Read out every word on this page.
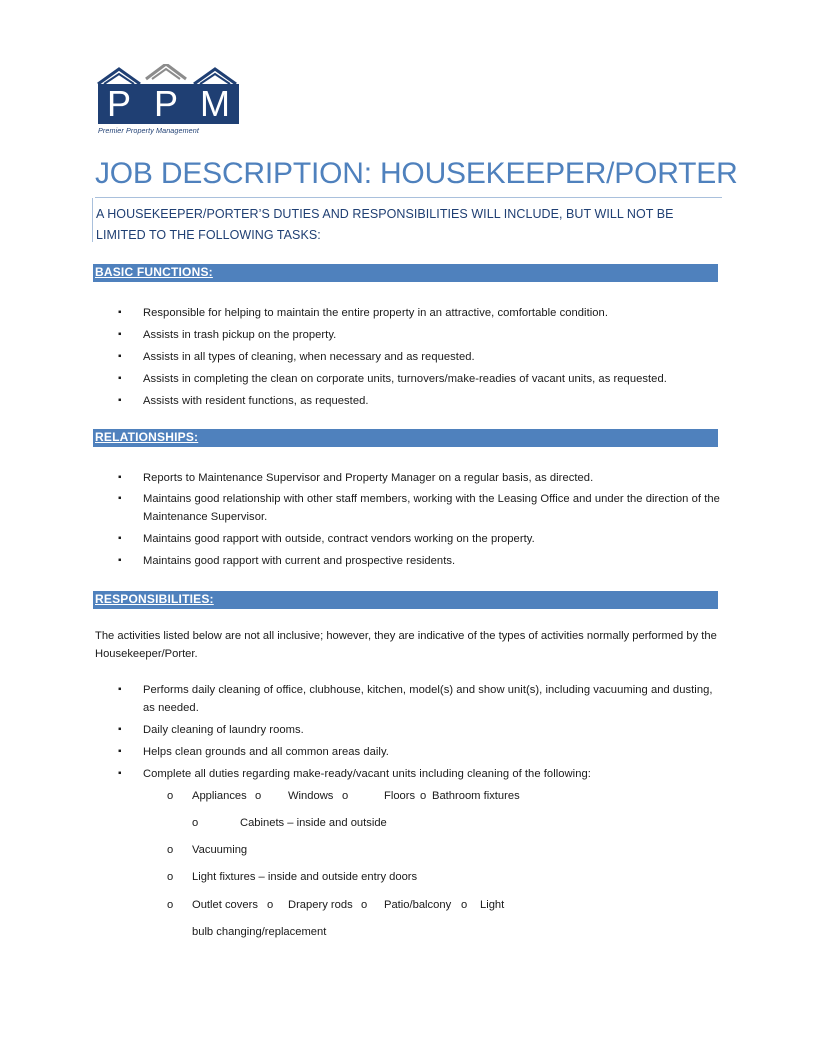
P P M
Premier Property Management
JOB DESCRIPTION: HOUSEKEEPER/PORTER
A HOUSEKEEPER/PORTER’S DUTIES AND RESPONSIBILITIES WILL INCLUDE, BUT WILL NOT BE LIMITED TO THE FOLLOWING TASKS:
BASIC FUNCTIONS:
▪ Responsible for helping to maintain the entire property in an attractive, comfortable condition.
▪ Assists in trash pickup on the property.
▪ Assists in all types of cleaning, when necessary and as requested.
▪ Assists in completing the clean on corporate units, turnovers/make-readies of vacant units, as requested.
▪ Assists with resident functions, as requested.
RELATIONSHIPS:
▪ Reports to Maintenance Supervisor and Property Manager on a regular basis, as directed.
▪ Maintains good relationship with other staff members, working with the Leasing Office and under the direction of the Maintenance Supervisor.
▪ Maintains good rapport with outside, contract vendors working on the property.
▪ Maintains good rapport with current and prospective residents.
RESPONSIBILITIES:
The activities listed below are not all inclusive; however, they are indicative of the types of activities normally performed by the Housekeeper/Porter.
▪ Performs daily cleaning of office, clubhouse, kitchen, model(s) and show unit(s), including vacuuming and dusting, as needed.
▪ Daily cleaning of laundry rooms.
▪ Helps clean grounds and all common areas daily.
▪ Complete all duties regarding make-ready/vacant units including cleaning of the following:
o Appliances o Windows o	Floors o Bathroom fixtures
o	Cabinets – inside and outside
o Vacuuming
o Light fixtures – inside and outside entry doors
o Outlet covers o Drapery rods o Patio/balcony o Light
bulb changing/replacement
